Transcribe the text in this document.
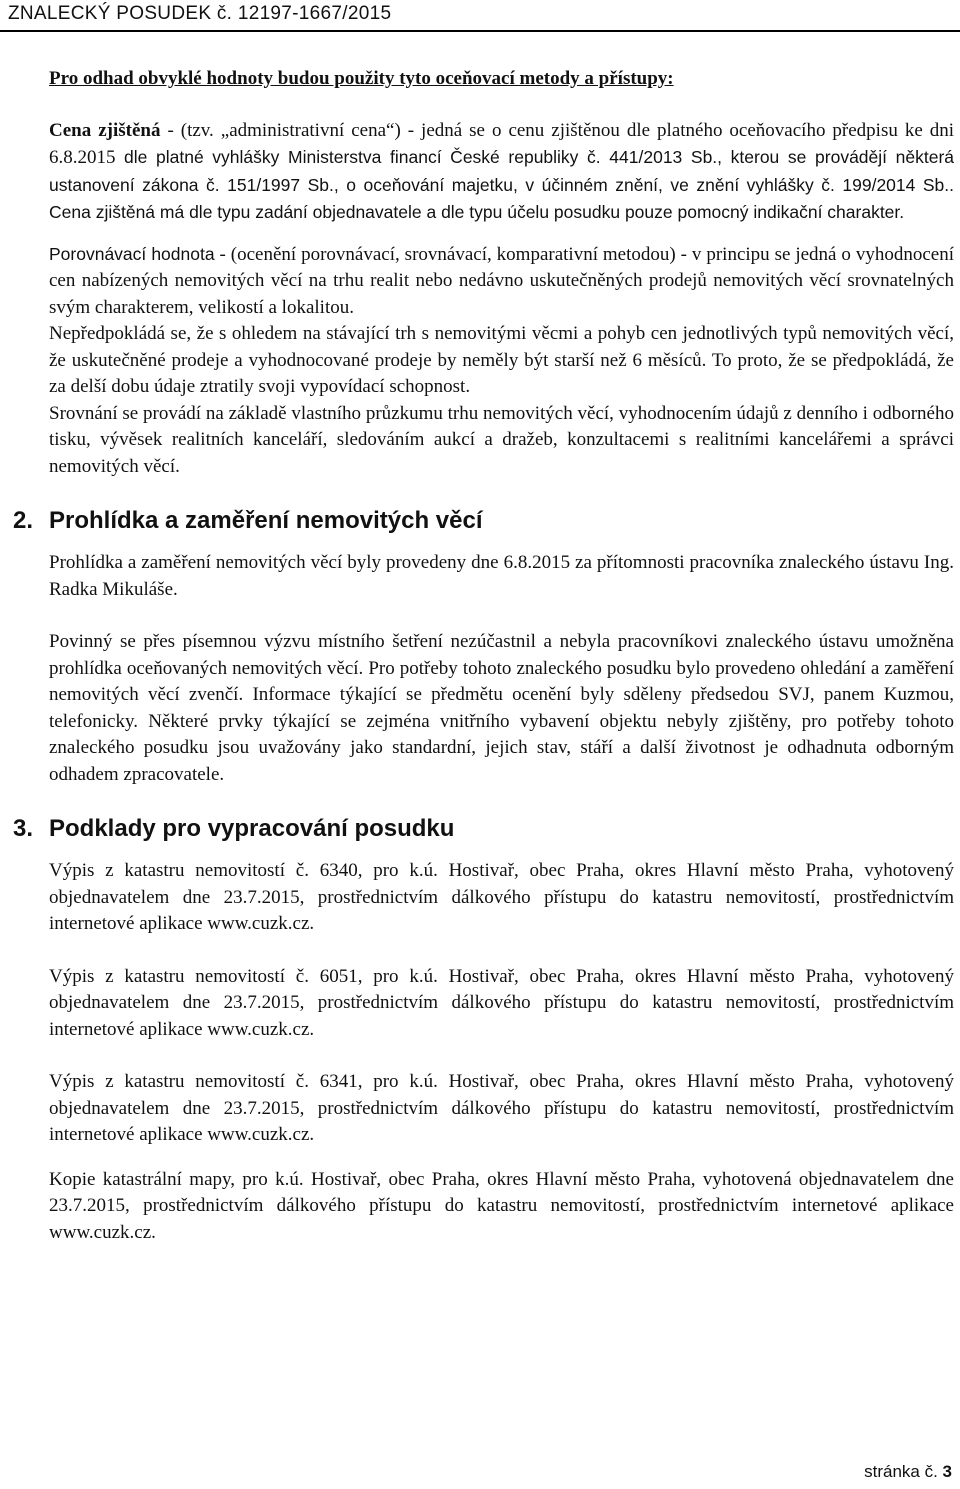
ZNALECKÝ POSUDEK č. 12197-1667/2015

Pro odhad obvyklé hodnoty budou použity tyto oceňovací metody a přístupy:

Cena zjištěná - (tzv. „administrativní cena“) - jedná se o cenu zjištěnou dle platného oceňovacího předpisu ke dni 6.8.2015 dle platné vyhlášky Ministerstva financí České republiky č. 441/2013 Sb., kterou se provádějí některá ustanovení zákona č. 151/1997 Sb., o oceňování majetku, v účinném znění, ve znění vyhlášky č. 199/2014 Sb.. Cena zjištěná má dle typu zadání objednavatele a dle typu účelu posudku pouze pomocný indikační charakter.

Porovnávací hodnota - (ocenění porovnávací, srovnávací, komparativní metodou) - v principu se jedná o vyhodnocení cen nabízených nemovitých věcí na trhu realit nebo nedávno uskutečněných prodejů nemovitých věcí srovnatelných svým charakterem, velikostí a lokalitou.

Nepředpokládá se, že s ohledem na stávající trh s nemovitými věcmi a pohyb cen jednotlivých typů nemovitých věcí, že uskutečněné prodeje a vyhodnocované prodeje by neměly být starší než 6 měsíců. To proto, že se předpokládá, že za delší dobu údaje ztratily svoji vypovídací schopnost.

Srovnání se provádí na základě vlastního průzkumu trhu nemovitých věcí, vyhodnocením údajů z denního i odborného tisku, vývěsek realitních kanceláří, sledováním aukcí a dražeb, konzultacemi s realitními kancelářemi a správci nemovitých věcí.

2. Prohlídka a zaměření nemovitých věcí

Prohlídka a zaměření nemovitých věcí byly provedeny dne 6.8.2015 za přítomnosti pracovníka znaleckého ústavu Ing. Radka Mikuláše.

Povinný se přes písemnou výzvu místního šetření nezúčastnil a nebyla pracovníkovi znaleckého ústavu umožněna prohlídka oceňovaných nemovitých věcí. Pro potřeby tohoto znaleckého posudku bylo provedeno ohledání a zaměření nemovitých věcí zvenčí. Informace týkající se předmětu ocenění byly sděleny předsedou SVJ, panem Kuzmou, telefonicky. Některé prvky týkající se zejména vnitřního vybavení objektu nebyly zjištěny, pro potřeby tohoto znaleckého posudku jsou uvažovány jako standardní, jejich stav, stáří a další životnost je odhadnuta odborným odhadem zpracovatele.

3. Podklady pro vypracování posudku

Výpis z katastru nemovitostí č. 6340, pro k.ú. Hostivař, obec Praha, okres Hlavní město Praha, vyhotovený objednavatelem dne 23.7.2015, prostřednictvím dálkového přístupu do katastru nemovitostí, prostřednictvím internetové aplikace www.cuzk.cz.

Výpis z katastru nemovitostí č. 6051, pro k.ú. Hostivař, obec Praha, okres Hlavní město Praha, vyhotovený objednavatelem dne 23.7.2015, prostřednictvím dálkového přístupu do katastru nemovitostí, prostřednictvím internetové aplikace www.cuzk.cz.

Výpis z katastru nemovitostí č. 6341, pro k.ú. Hostivař, obec Praha, okres Hlavní město Praha, vyhotovený objednavatelem dne 23.7.2015, prostřednictvím dálkového přístupu do katastru nemovitostí, prostřednictvím internetové aplikace www.cuzk.cz.

Kopie katastrální mapy, pro k.ú. Hostivař, obec Praha, okres Hlavní město Praha, vyhotovená objednavatelem dne 23.7.2015, prostřednictvím dálkového přístupu do katastru nemovitostí, prostřednictvím internetové aplikace www.cuzk.cz.

stránka č. 3
